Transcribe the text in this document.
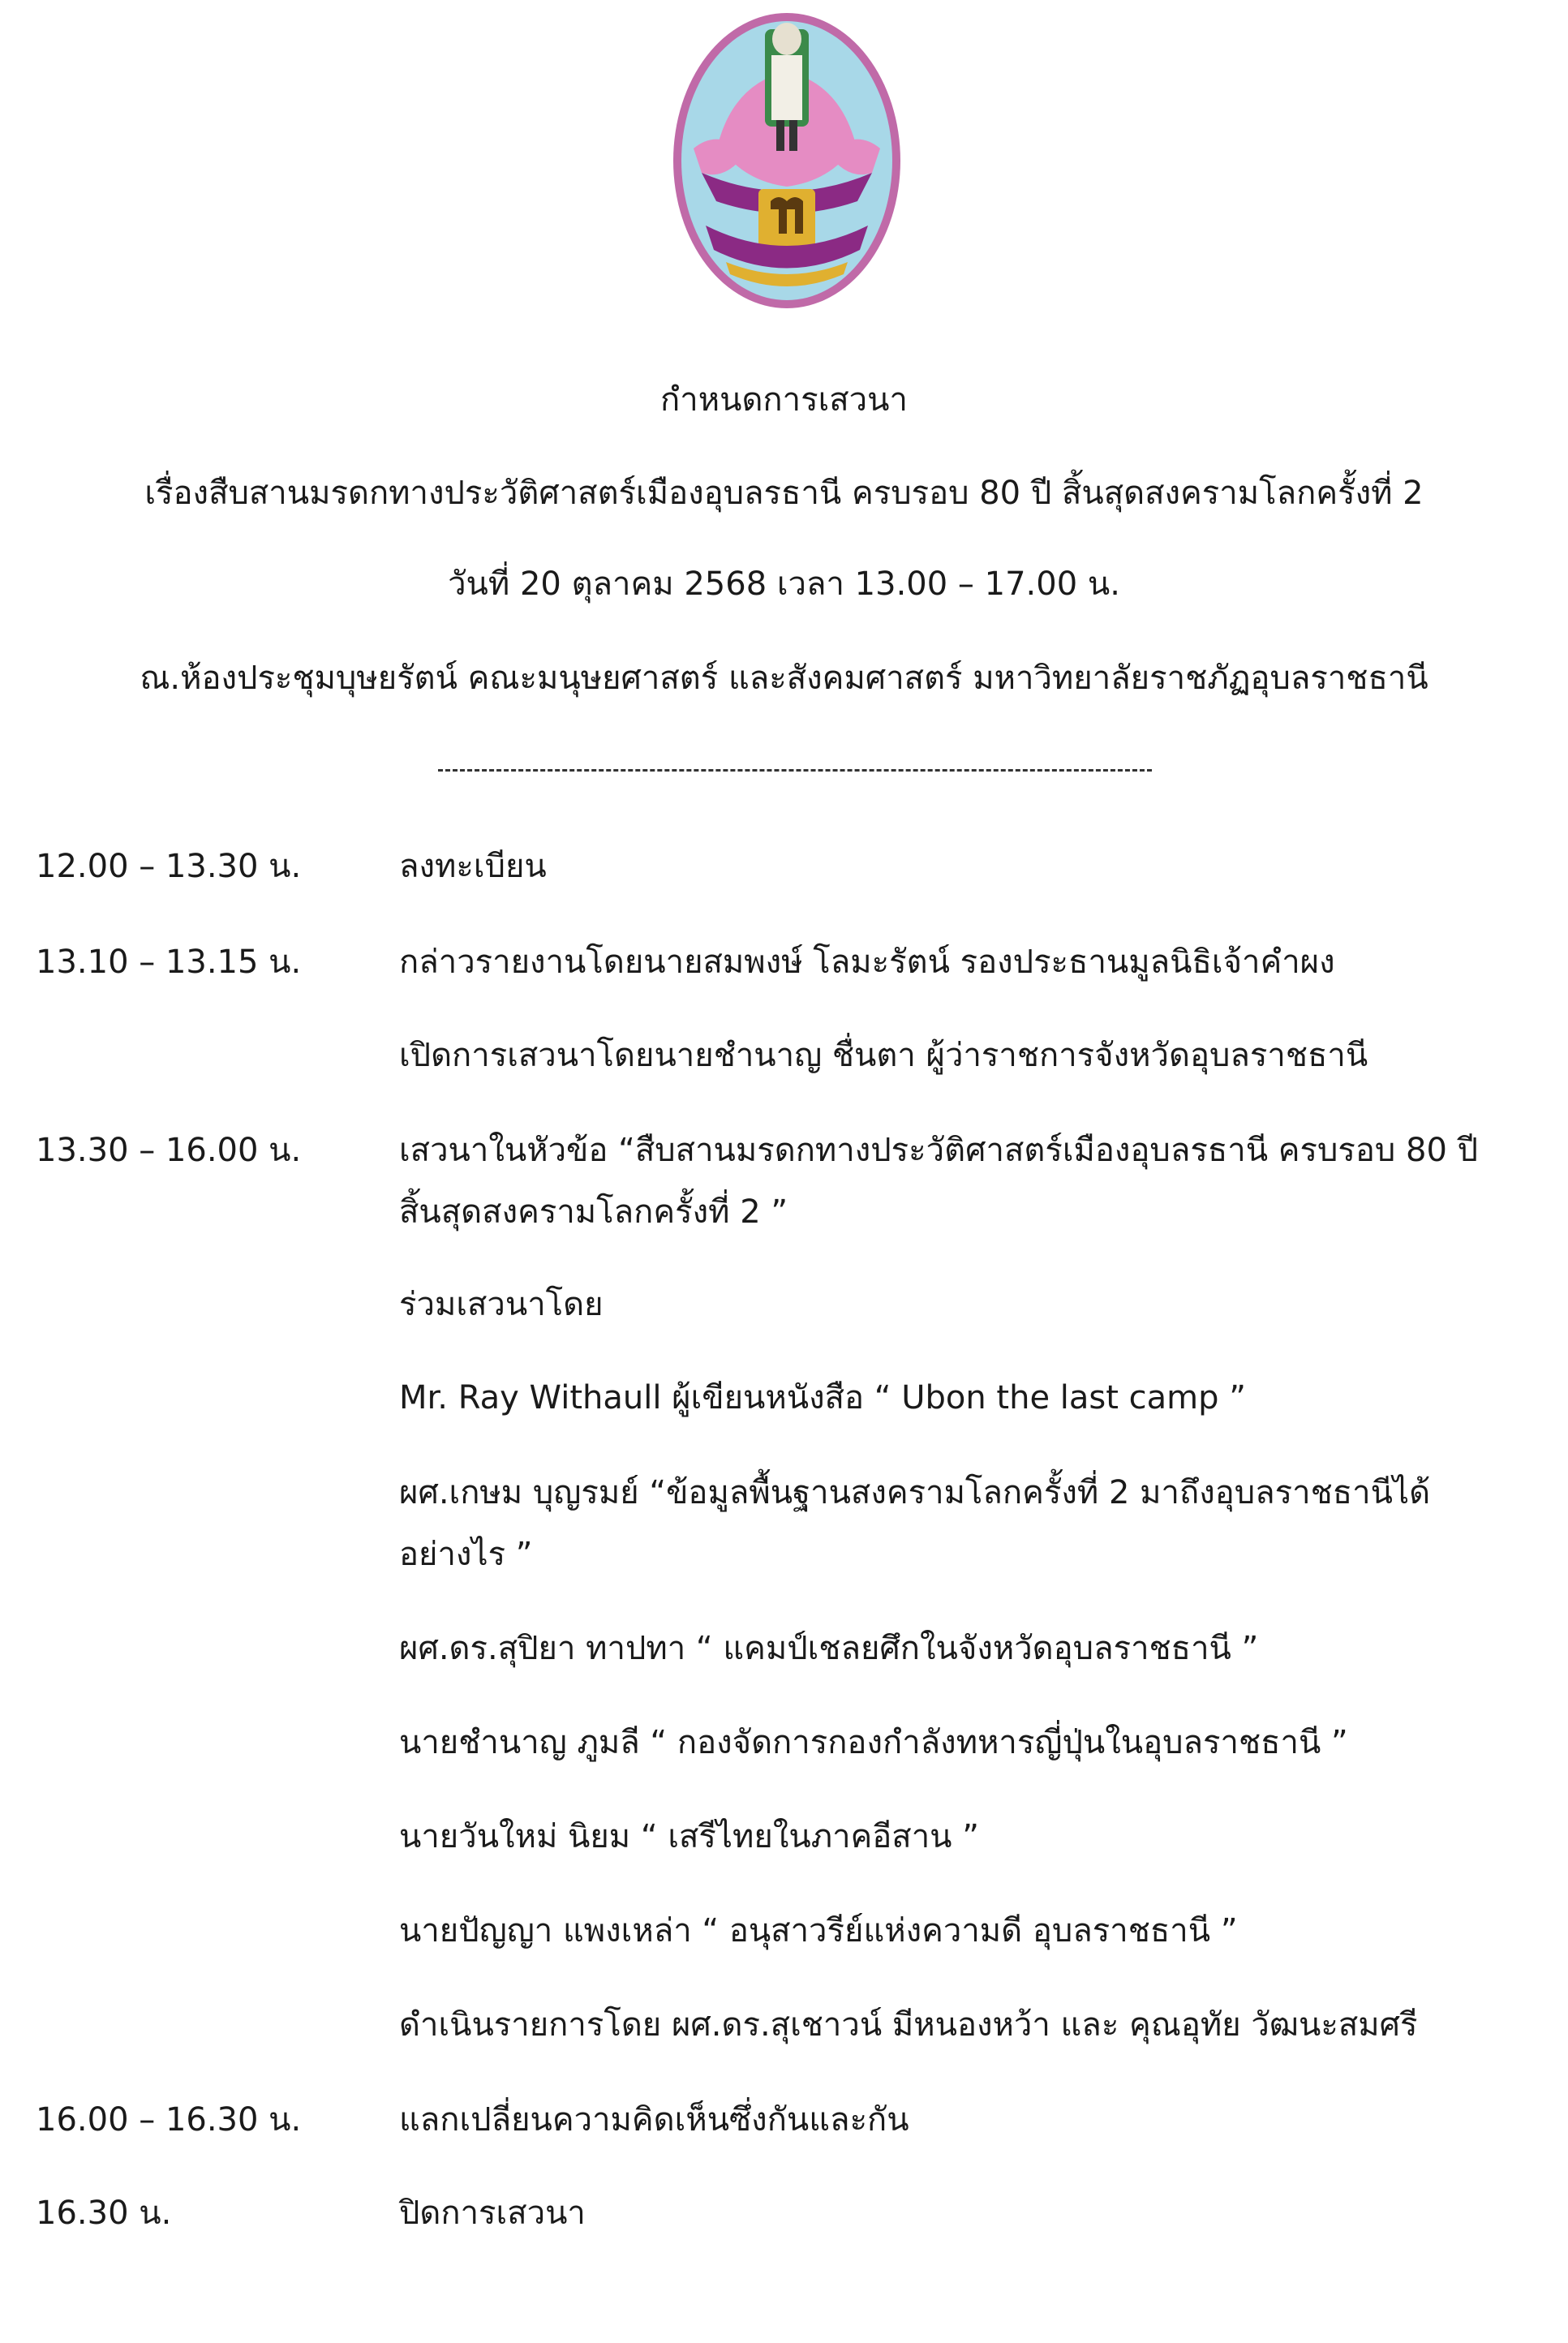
กำหนดการเสวนา
เรื่องสืบสานมรดกทางประวัติศาสตร์เมืองอุบลรธานี ครบรอบ 80 ปี สิ้นสุดสงครามโลกครั้งที่ 2
วันที่ 20 ตุลาคม 2568 เวลา 13.00 – 17.00 น.
ณ.ห้องประชุมบุษยรัตน์ คณะมนุษยศาสตร์ และสังคมศาสตร์ มหาวิทยาลัยราชภัฏอุบลราชธานี
12.00 – 13.30 น.	ลงทะเบียน
13.10 – 13.15 น.	กล่าวรายงานโดยนายสมพงษ์ โลมะรัตน์ รองประธานมูลนิธิเจ้าคำผง
เปิดการเสวนาโดยนายชำนาญ ชื่นตา ผู้ว่าราชการจังหวัดอุบลราชธานี
13.30 – 16.00 น.	เสวนาในหัวข้อ “สืบสานมรดกทางประวัติศาสตร์เมืองอุบลรธานี ครบรอบ 80 ปี
สิ้นสุดสงครามโลกครั้งที่ 2 ”
ร่วมเสวนาโดย
Mr. Ray Withaull ผู้เขียนหนังสือ “ Ubon the last camp ”
ผศ.เกษม บุญรมย์ “ข้อมูลพื้นฐานสงครามโลกครั้งที่ 2 มาถึงอุบลราชธานีได้
อย่างไร ”
ผศ.ดร.สุปิยา ทาปทา “ แคมป์เชลยศึกในจังหวัดอุบลราชธานี ”
นายชำนาญ ภูมลี “ กองจัดการกองกำลังทหารญี่ปุ่นในอุบลราชธานี ”
นายวันใหม่ นิยม “ เสรีไทยในภาคอีสาน ”
นายปัญญา แพงเหล่า “ อนุสาวรีย์แห่งความดี อุบลราชธานี ”
ดำเนินรายการโดย ผศ.ดร.สุเชาวน์ มีหนองหว้า และ คุณอุทัย วัฒนะสมศรี
16.00 – 16.30 น.	แลกเปลี่ยนความคิดเห็นซึ่งกันและกัน
16.30 น.	ปิดการเสวนา
